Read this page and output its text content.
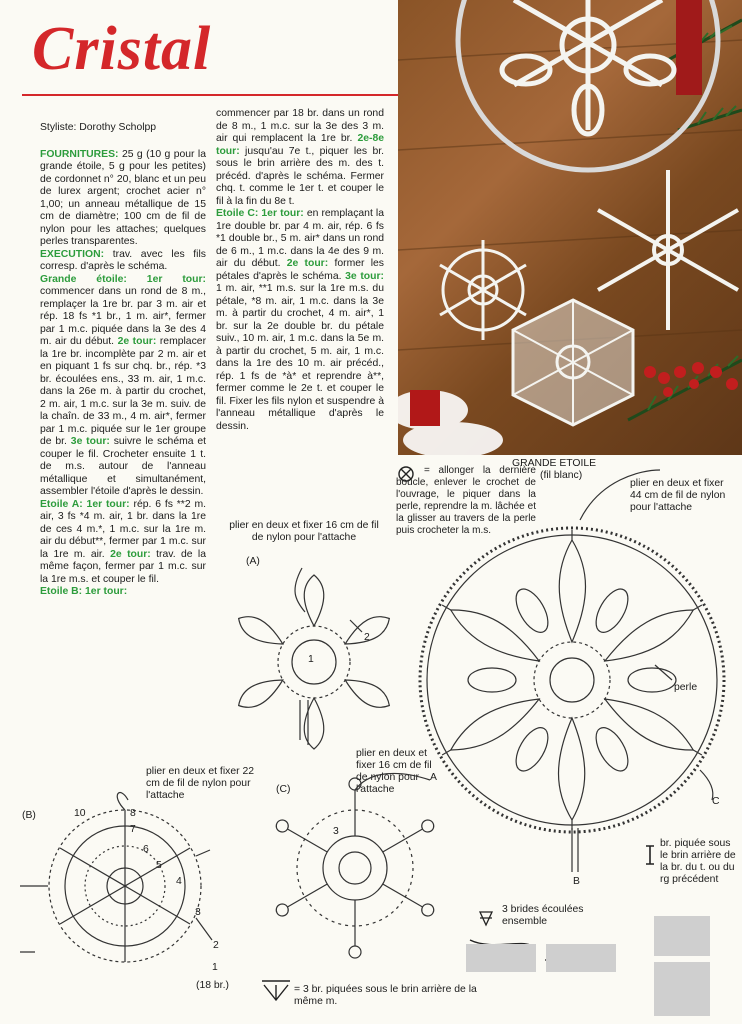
Cristal

Styliste: Dorothy Scholpp

FOURNITURES: 25 g (10 g pour la grande étoile, 5 g pour les petites) de cordonnet n° 20, blanc et un peu de lurex argent; crochet acier n° 1,00; un anneau métallique de 15 cm de diamètre; 100 cm de fil de nylon pour les attaches; quelques perles transparentes.

EXECUTION: trav. avec les fils corresp. d'après le schéma.

Grande étoile: 1er tour: commencer dans un rond de 8 m., remplaçer la 1re br. par 3 m. air et rép. 18 fs *1 br., 1 m. air*, fermer par 1 m.c. piquée dans la 3e des 4 m. air du début. 2e tour: remplacer la 1re br. incomplète par 2 m. air et en piquant 1 fs sur chq. br., rép. *3 br. écoulées ens., 33 m. air, 1 m.c. dans la 26e m. à partir du crochet, 2 m. air, 1 m.c. sur la 3e m. suiv. de la chaîn. de 33 m., 4 m. air*, fermer par 1 m.c. piquée sur le 1er groupe de br. 3e tour: suivre le schéma et couper le fil. Crocheter ensuite 1 t. de m.s. autour de l'anneau métallique et simultanément, assembler l'étoile d'après le dessin.

Etoile A: 1er tour: rép. 6 fs **2 m. air, 3 fs *4 m. air, 1 br. dans la 1re de ces 4 m.*, 1 m.c. sur la 1re m. air du début**, fermer par 1 m.c. sur la 1re m. air. 2e tour: trav. de la même façon, fermer par 1 m.c. sur la 1re m.s. et couper le fil.

Etoile B: 1er tour:

commencer par 18 br. dans un rond de 8 m., 1 m.c. sur la 3e des 3 m. air qui remplacent la 1re br. 2e-8e tour: jusqu'au 7e t., piquer les br. sous le brin arrière des m. des t. précéd. d'après le schéma. Fermer chq. t. comme le 1er t. et couper le fil à la fin du 8e t.

Etoile C: 1er tour: en remplaçant la 1re double br. par 4 m. air, rép. 6 fs *1 double br., 5 m. air* dans un rond de 6 m., 1 m.c. dans la 4e des 9 m. air du début. 2e tour: former les pétales d'après le schéma. 3e tour: 1 m. air, **1 m.s. sur la 1re m.s. du pétale, *8 m. air, 1 m.c. dans la 3e m. à partir du crochet, 4 m. air*, 1 br. sur la 2e double br. du pétale suiv., 10 m. air, 1 m.c. dans la 5e m. à partir du crochet, 5 m. air, 1 m.c. dans la 1re des 10 m. air précéd., rép. 1 fs de *à* et reprendre à**, fermer comme le 2e t. et couper le fil. Fixer les fils nylon et suspendre à l'anneau métallique d'après le dessin.

= allonger la dernière boucle, enlever le crochet de l'ouvrage, le piquer dans la perle, reprendre la m. lâchée et la glisser au travers de la perle puis crocheter la m.s.

GRANDE ETOILE
(fil blanc)
plier en deux et fixer 44 cm de fil de nylon pour l'attache
plier en deux et fixer 16 cm de fil de nylon pour l'attache
(A)
perle
C
B
plier en deux et fixer 16 cm de fil de nylon pour l'attache
A
(C)
plier en deux et fixer 22 cm de fil de nylon pour l'attache
(B)	10	8
7
6
5
4
3
2
1
(18 br.)
2
1
3
br. piquée sous le brin arrière de la br. du t. ou du rg précédent
3 brides écoulées ensemble
= 3 br. piquées sous le brin arrière de la même m.
